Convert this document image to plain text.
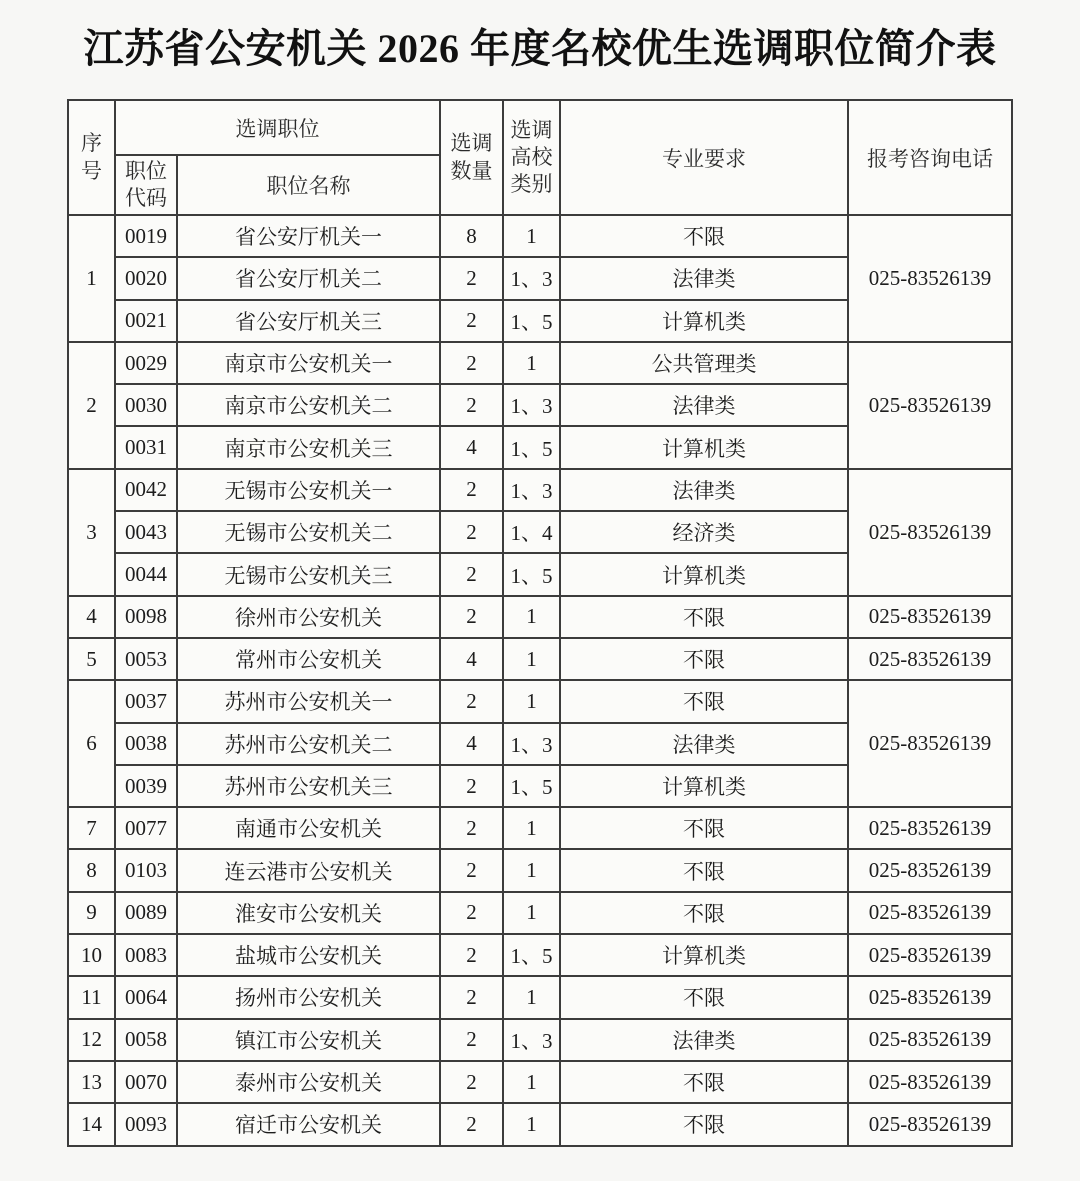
江苏省公安机关 2026 年度名校优生选调职位简介表
序号	选调职位		选调数量	选调高校类别	专业要求	报考咨询电话
	职位代码	职位名称				
1	0019	省公安厅机关一	8	1	不限	025-83526139
	0020	省公安厅机关二	2	1、3	法律类	
	0021	省公安厅机关三	2	1、5	计算机类	
2	0029	南京市公安机关一	2	1	公共管理类	025-83526139
	0030	南京市公安机关二	2	1、3	法律类	
	0031	南京市公安机关三	4	1、5	计算机类	
3	0042	无锡市公安机关一	2	1、3	法律类	025-83526139
	0043	无锡市公安机关二	2	1、4	经济类	
	0044	无锡市公安机关三	2	1、5	计算机类	
4	0098	徐州市公安机关	2	1	不限	025-83526139
5	0053	常州市公安机关	4	1	不限	025-83526139
6	0037	苏州市公安机关一	2	1	不限	025-83526139
	0038	苏州市公安机关二	4	1、3	法律类	
	0039	苏州市公安机关三	2	1、5	计算机类	
7	0077	南通市公安机关	2	1	不限	025-83526139
8	0103	连云港市公安机关	2	1	不限	025-83526139
9	0089	淮安市公安机关	2	1	不限	025-83526139
10	0083	盐城市公安机关	2	1、5	计算机类	025-83526139
11	0064	扬州市公安机关	2	1	不限	025-83526139
12	0058	镇江市公安机关	2	1、3	法律类	025-83526139
13	0070	泰州市公安机关	2	1	不限	025-83526139
14	0093	宿迁市公安机关	2	1	不限	025-83526139
